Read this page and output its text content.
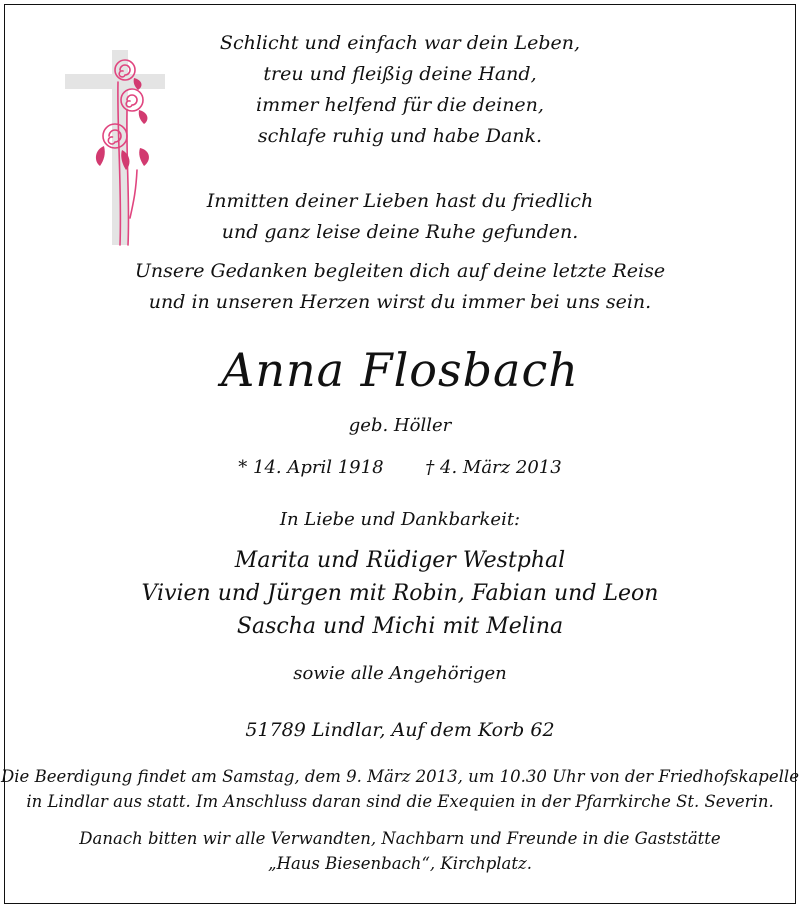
Schlicht und einfach war dein Leben,
treu und fleißig deine Hand,
immer helfend für die deinen,
schlafe ruhig und habe Dank.
Inmitten deiner Lieben hast du friedlich
und ganz leise deine Ruhe gefunden.
Unsere Gedanken begleiten dich auf deine letzte Reise
und in unseren Herzen wirst du immer bei uns sein.
Anna Flosbach
geb. Höller
* 14. April 1918 † 4. März 2013
In Liebe und Dankbarkeit:
Marita und Rüdiger Westphal
Vivien und Jürgen mit Robin, Fabian und Leon
Sascha und Michi mit Melina
sowie alle Angehörigen
51789 Lindlar, Auf dem Korb 62
Die Beerdigung findet am Samstag, dem 9. März 2013, um 10.30 Uhr von der Friedhofskapelle
in Lindlar aus statt. Im Anschluss daran sind die Exequien in der Pfarrkirche St. Severin.
Danach bitten wir alle Verwandten, Nachbarn und Freunde in die Gaststätte
„Haus Biesenbach“, Kirchplatz.
